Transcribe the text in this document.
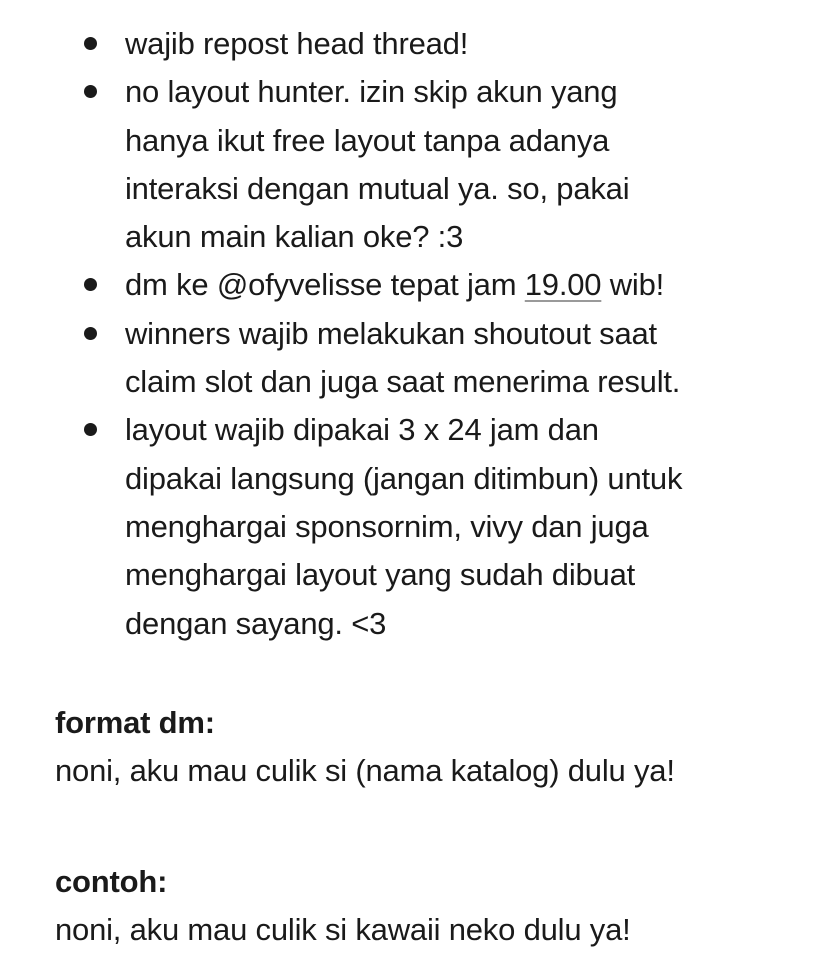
wajib repost head thread!
no layout hunter. izin skip akun yang
hanya ikut free layout tanpa adanya
interaksi dengan mutual ya. so, pakai
akun main kalian oke? :3
dm ke @ofyvelisse tepat jam 19.00 wib!
winners wajib melakukan shoutout saat
claim slot dan juga saat menerima result.
layout wajib dipakai 3 x 24 jam dan
dipakai langsung (jangan ditimbun) untuk
menghargai sponsornim, vivy dan juga
menghargai layout yang sudah dibuat
dengan sayang. <3
format dm:
noni, aku mau culik si (nama katalog) dulu ya!
contoh:
noni, aku mau culik si kawaii neko dulu ya!
